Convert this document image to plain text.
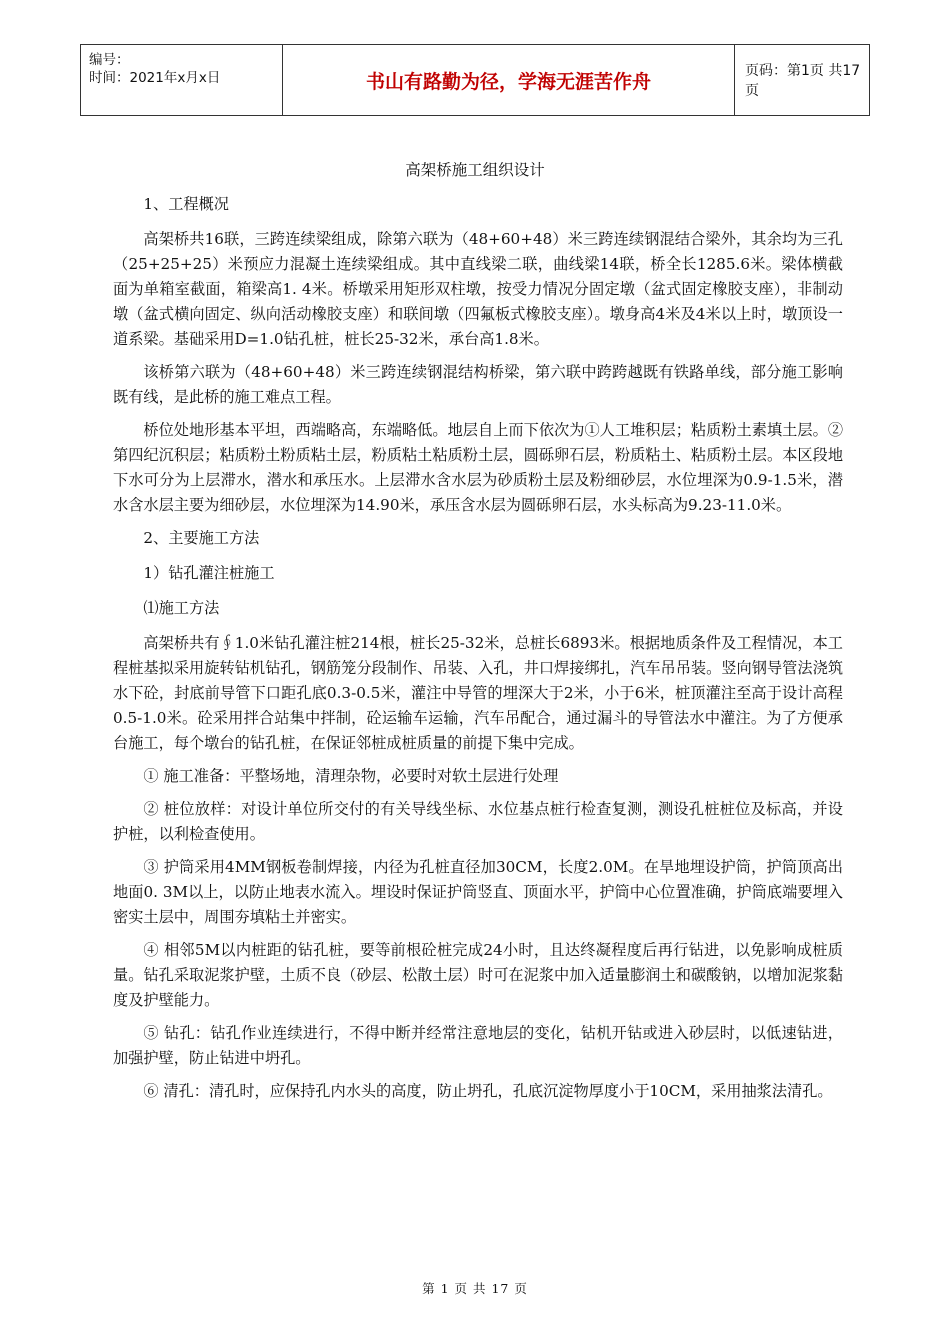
编号：
时间：2021年x月x日	书山有路勤为径，学海无涯苦作舟	页码：第1页 共17页
高架桥施工组织设计

1、工程概况

高架桥共16联，三跨连续梁组成，除第六联为（48+60+48）米三跨连续钢混结合梁外，其余均为三孔（25+25+25）米预应力混凝土连续梁组成。其中直线梁二联，曲线梁14联，桥全长1285.6米。梁体横截面为单箱室截面，箱梁高1. 4米。桥墩采用矩形双柱墩，按受力情况分固定墩（盆式固定橡胶支座），非制动墩（盆式横向固定、纵向活动橡胶支座）和联间墩（四氟板式橡胶支座）。墩身高4米及4米以上时，墩顶设一道系梁。基础采用D=1.0钻孔桩，桩长25-32米，承台高1.8米。

该桥第六联为（48+60+48）米三跨连续钢混结构桥梁，第六联中跨跨越既有铁路单线，部分施工影响既有线，是此桥的施工难点工程。

桥位处地形基本平坦，西端略高，东端略低。地层自上而下依次为①人工堆积层；粘质粉土素填土层。②第四纪沉积层；粘质粉土粉质粘土层，粉质粘土粘质粉土层，圆砾卵石层，粉质粘土、粘质粉土层。本区段地下水可分为上层滞水，潜水和承压水。上层滞水含水层为砂质粉土层及粉细砂层，水位埋深为0.9-1.5米，潜水含水层主要为细砂层，水位埋深为14.90米，承压含水层为圆砾卵石层，水头标高为9.23-11.0米。

2、主要施工方法

1）钻孔灌注桩施工

⑴施工方法

高架桥共有∮1.0米钻孔灌注桩214根，桩长25-32米，总桩长6893米。根据地质条件及工程情况，本工程桩基拟采用旋转钻机钻孔，钢筋笼分段制作、吊装、入孔，井口焊接绑扎，汽车吊吊装。竖向钢导管法浇筑水下砼，封底前导管下口距孔底0.3-0.5米，灌注中导管的埋深大于2米，小于6米，桩顶灌注至高于设计高程0.5-1.0米。砼采用拌合站集中拌制，砼运输车运输，汽车吊配合，通过漏斗的导管法水中灌注。为了方便承台施工，每个墩台的钻孔桩，在保证邻桩成桩质量的前提下集中完成。

① 施工准备：平整场地，清理杂物，必要时对软土层进行处理

② 桩位放样：对设计单位所交付的有关导线坐标、水位基点桩行检查复测，测设孔桩桩位及标高，并设护桩，以利检查使用。

③ 护筒采用4MM钢板卷制焊接，内径为孔桩直径加30CM，长度2.0M。在旱地埋设护筒，护筒顶高出地面0. 3M以上，以防止地表水流入。埋设时保证护筒竖直、顶面水平，护筒中心位置准确，护筒底端要埋入密实土层中，周围夯填粘土并密实。

④ 相邻5M以内桩距的钻孔桩，要等前根砼桩完成24小时，且达终凝程度后再行钻进，以免影响成桩质量。钻孔采取泥浆护壁，土质不良（砂层、松散土层）时可在泥浆中加入适量膨润土和碳酸钠，以增加泥浆黏度及护壁能力。

⑤ 钻孔：钻孔作业连续进行，不得中断并经常注意地层的变化，钻机开钻或进入砂层时，以低速钻进，加强护壁，防止钻进中坍孔。

⑥ 清孔：清孔时，应保持孔内水头的高度，防止坍孔，孔底沉淀物厚度小于10CM，采用抽浆法清孔。

第 1 页 共 17 页
